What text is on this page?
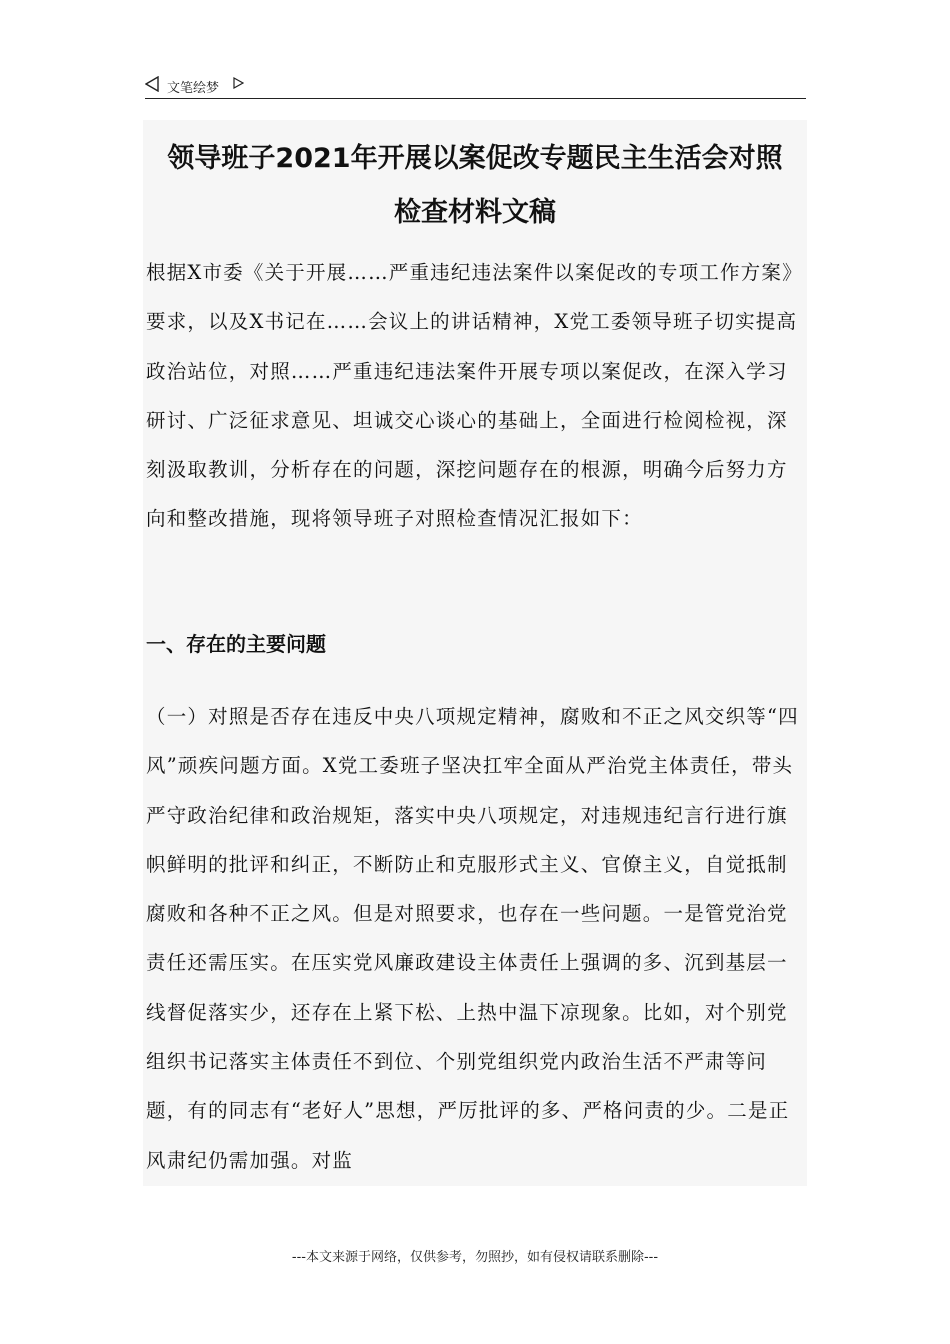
文笔绘梦
领导班子2021年开展以案促改专题民主生活会对照
检查材料文稿
根据X市委《关于开展……严重违纪违法案件以案促改的专项工作方案》要求，以及X书记在……会议上的讲话精神，X党工委领导班子切实提高政治站位，对照……严重违纪违法案件开展专项以案促改，在深入学习研讨、广泛征求意见、坦诚交心谈心的基础上，全面进行检阅检视，深刻汲取教训，分析存在的问题，深挖问题存在的根源，明确今后努力方向和整改措施，现将领导班子对照检查情况汇报如下：
一、存在的主要问题
（一）对照是否存在违反中央八项规定精神，腐败和不正之风交织等“四风”顽疾问题方面。X党工委班子坚决扛牢全面从严治党主体责任，带头严守政治纪律和政治规矩，落实中央八项规定，对违规违纪言行进行旗帜鲜明的批评和纠正，不断防止和克服形式主义、官僚主义，自觉抵制腐败和各种不正之风。但是对照要求，也存在一些问题。一是管党治党责任还需压实。在压实党风廉政建设主体责任上强调的多、沉到基层一线督促落实少，还存在上紧下松、上热中温下凉现象。比如，对个别党组织书记落实主体责任不到位、个别党组织党内政治生活不严肃等问题，有的同志有“老好人”思想，严厉批评的多、严格问责的少。二是正风肃纪仍需加强。对监
---本文来源于网络，仅供参考，勿照抄，如有侵权请联系删除---
